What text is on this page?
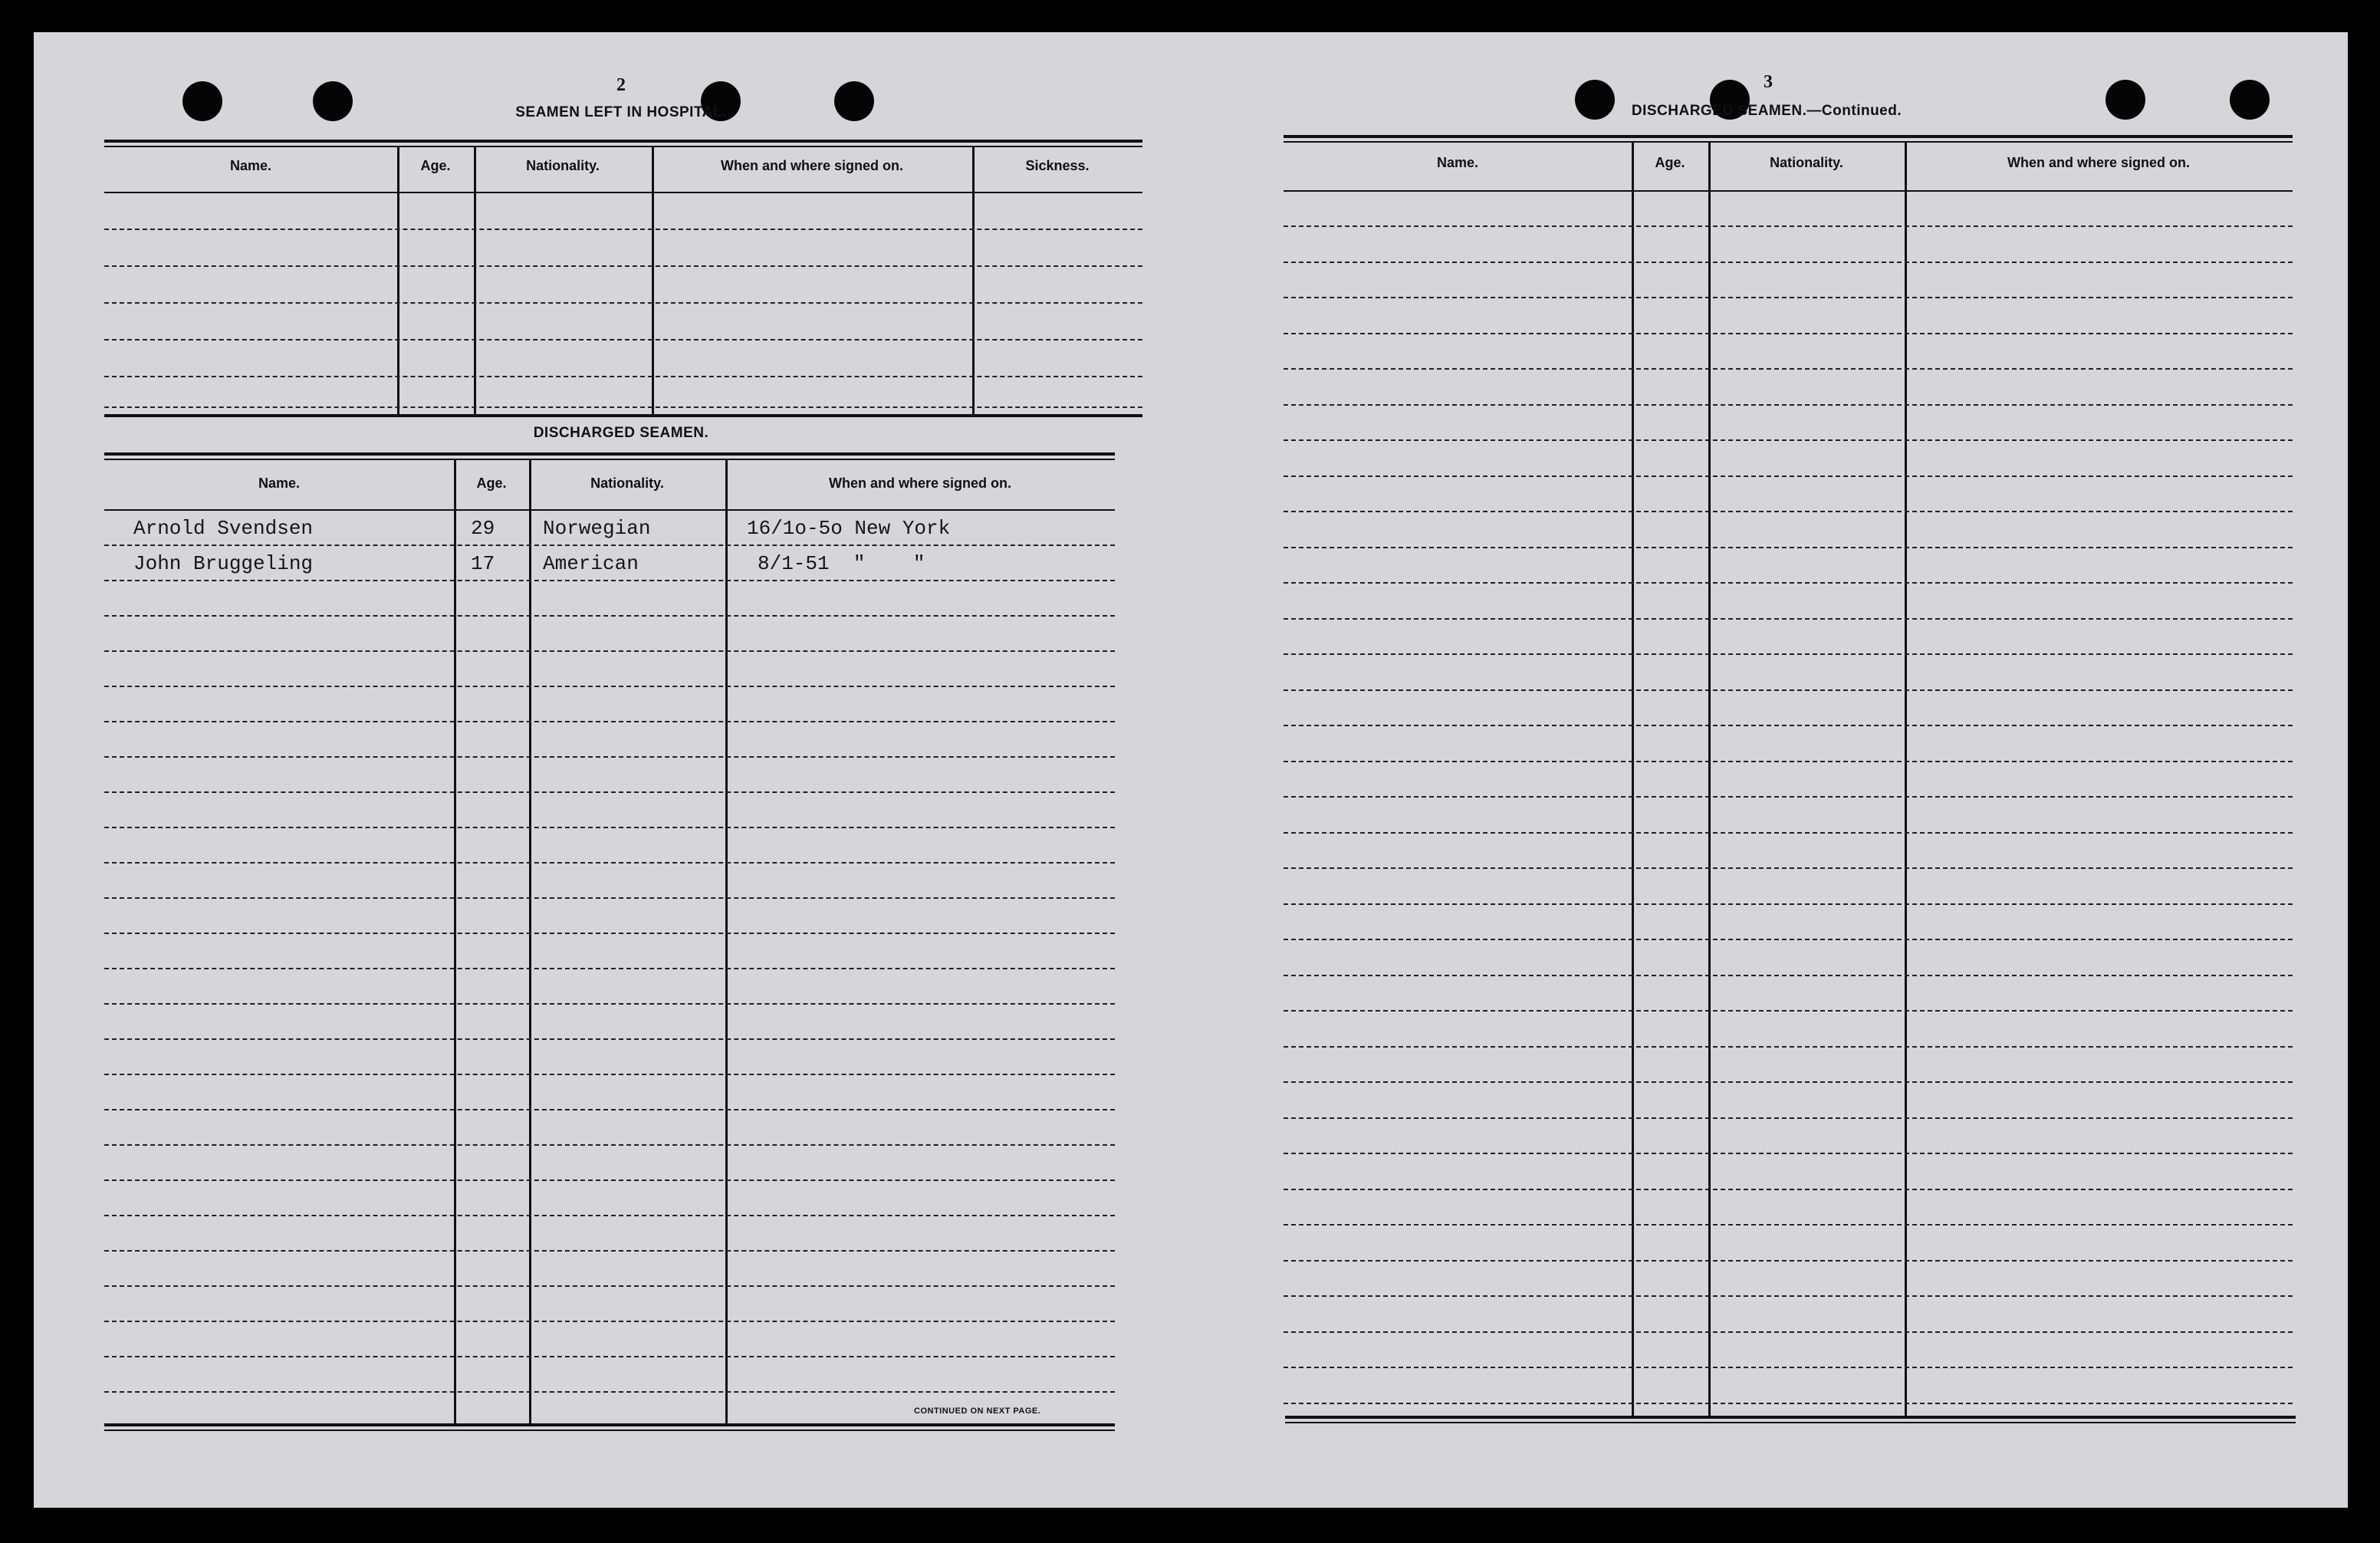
2
SEAMEN LEFT IN HOSPITAL.
Name.	Age.	Nationality.	When and where signed on.	Sickness.
DISCHARGED SEAMEN.
Name.	Age.	Nationality.	When and where signed on.
Arnold Svendsen	29 Norwegian	16/1o-5o New York
John Bruggeling	17 American	8/1-51  "    "
CONTINUED ON NEXT PAGE.
3
DISCHARGED SEAMEN.—Continued.
Name.	Age.	Nationality.	When and where signed on.
